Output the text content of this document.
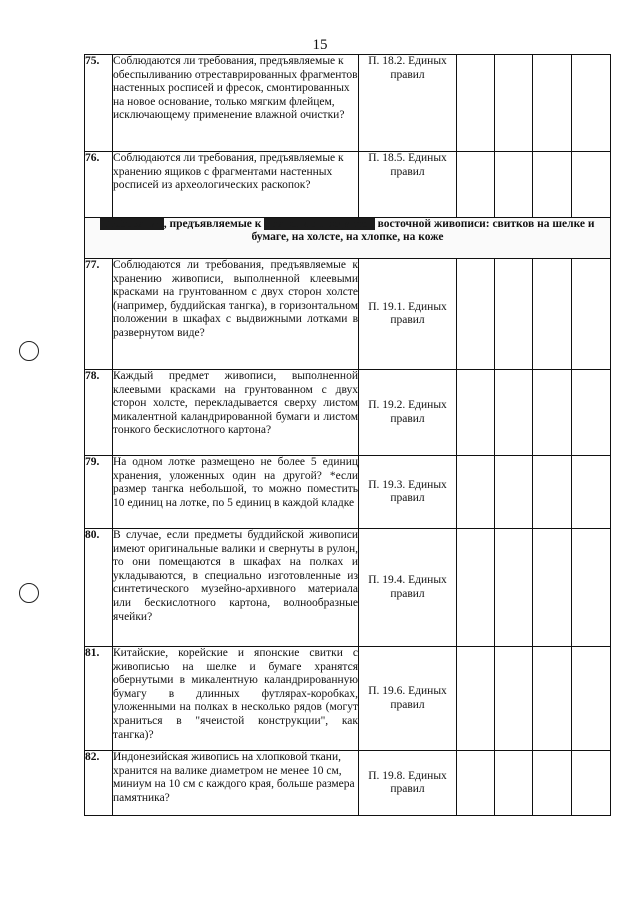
15
75.	Соблюдаются ли требования, предъявляемые к обеспыливанию отреставрированных фрагментов настенных росписей и фресок, смонтированных на новое основание, только мягким флейцем, исключающему применение влажной очистки?	П. 18.2. Единых правил				
76.	Соблюдаются ли требования, предъявляемые к хранению ящиков с фрагментами настенных росписей из археологических раскопок?	П. 18.5. Единых правил				
Требования, предъявляемые к хранению предметов восточной живописи: свитков на шелке и бумаге, на холсте, на хлопке, на коже						
77.	Соблюдаются ли требования, предъявляемые к хранению живописи, выполненной клеевыми красками на грунтованном с двух сторон холсте (например, буддийская тангка), в горизонтальном положении в шкафах с выдвижными лотками в развернутом виде?	П. 19.1. Единых правил				
78.	Каждый предмет живописи, выполненной клеевыми красками на грунтованном с двух сторон холсте, перекладывается сверху листом микалентной каландрированной бумаги и листом тонкого бескислотного картона?	П. 19.2. Единых правил				
79.	На одном лотке размещено не более 5 единиц хранения, уложенных один на другой? *если размер тангка небольшой, то можно поместить 10 единиц на лотке, по 5 единиц в каждой кладке	П. 19.3. Единых правил				
80.	В случае, если предметы буддийской живописи имеют оригинальные валики и свернуты в рулон, то они помещаются в шкафах на полках и укладываются, в специально изготовленные из синтетического музейно-архивного материала или бескислотного картона, волнообразные ячейки?	П. 19.4. Единых правил				
81.	Китайские, корейские и японские свитки с живописью на шелке и бумаге хранятся обернутыми в микалентную каландрированную бумагу в длинных футлярах-коробках, уложенными на полках в несколько рядов (могут храниться в "ячеистой конструкции", как тангка)?	П. 19.6. Единых правил				
82.	Индонезийская живопись на хлопковой ткани, хранится на валике диаметром не менее 10 см, миниум на 10 см с каждого края, больше размера памятника?	П. 19.8. Единых правил				
